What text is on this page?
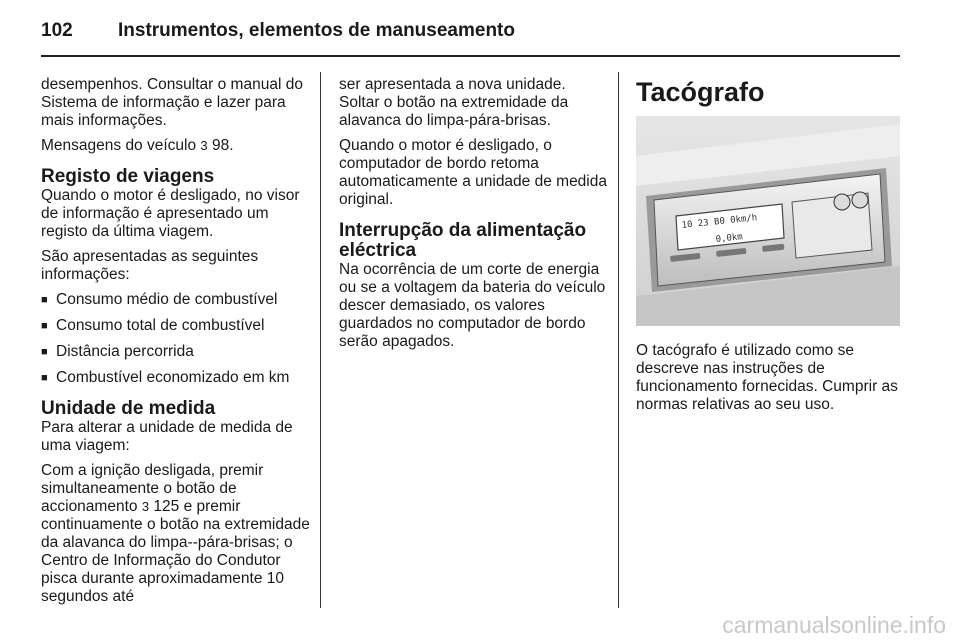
102 Instrumentos, elementos de manuseamento

desempenhos. Consultar o manual do Sistema de informação e lazer para mais informações.

Mensagens do veículo 3 98.

Registo de viagens

Quando o motor é desligado, no visor de informação é apresentado um registo da última viagem.

São apresentadas as seguintes informações:

■ Consumo médio de combustível
■ Consumo total de combustível
■ Distância percorrida
■ Combustível economizado em km
Unidade de medida

Para alterar a unidade de medida de uma viagem:

Com a ignição desligada, premir simultaneamente o botão de accionamento 3 125 e premir continuamente o botão na extremidade da alavanca do limpa--pára-brisas; o Centro de Informação do Condutor pisca durante aproximadamente 10 segundos até

ser apresentada a nova unidade. Soltar o botão na extremidade da alavanca do limpa-pára-brisas.

Quando o motor é desligado, o computador de bordo retoma automaticamente a unidade de medida original.

Interrupção da alimentação eléctrica

Na ocorrência de um corte de energia ou se a voltagem da bateria do veículo descer demasiado, os valores guardados no computador de bordo serão apagados.

Tacógrafo
10 23 B0 0km/h
0,0km

O tacógrafo é utilizado como se descreve nas instruções de funcionamento fornecidas. Cumprir as normas relativas ao seu uso.

carmanualsonline.info
